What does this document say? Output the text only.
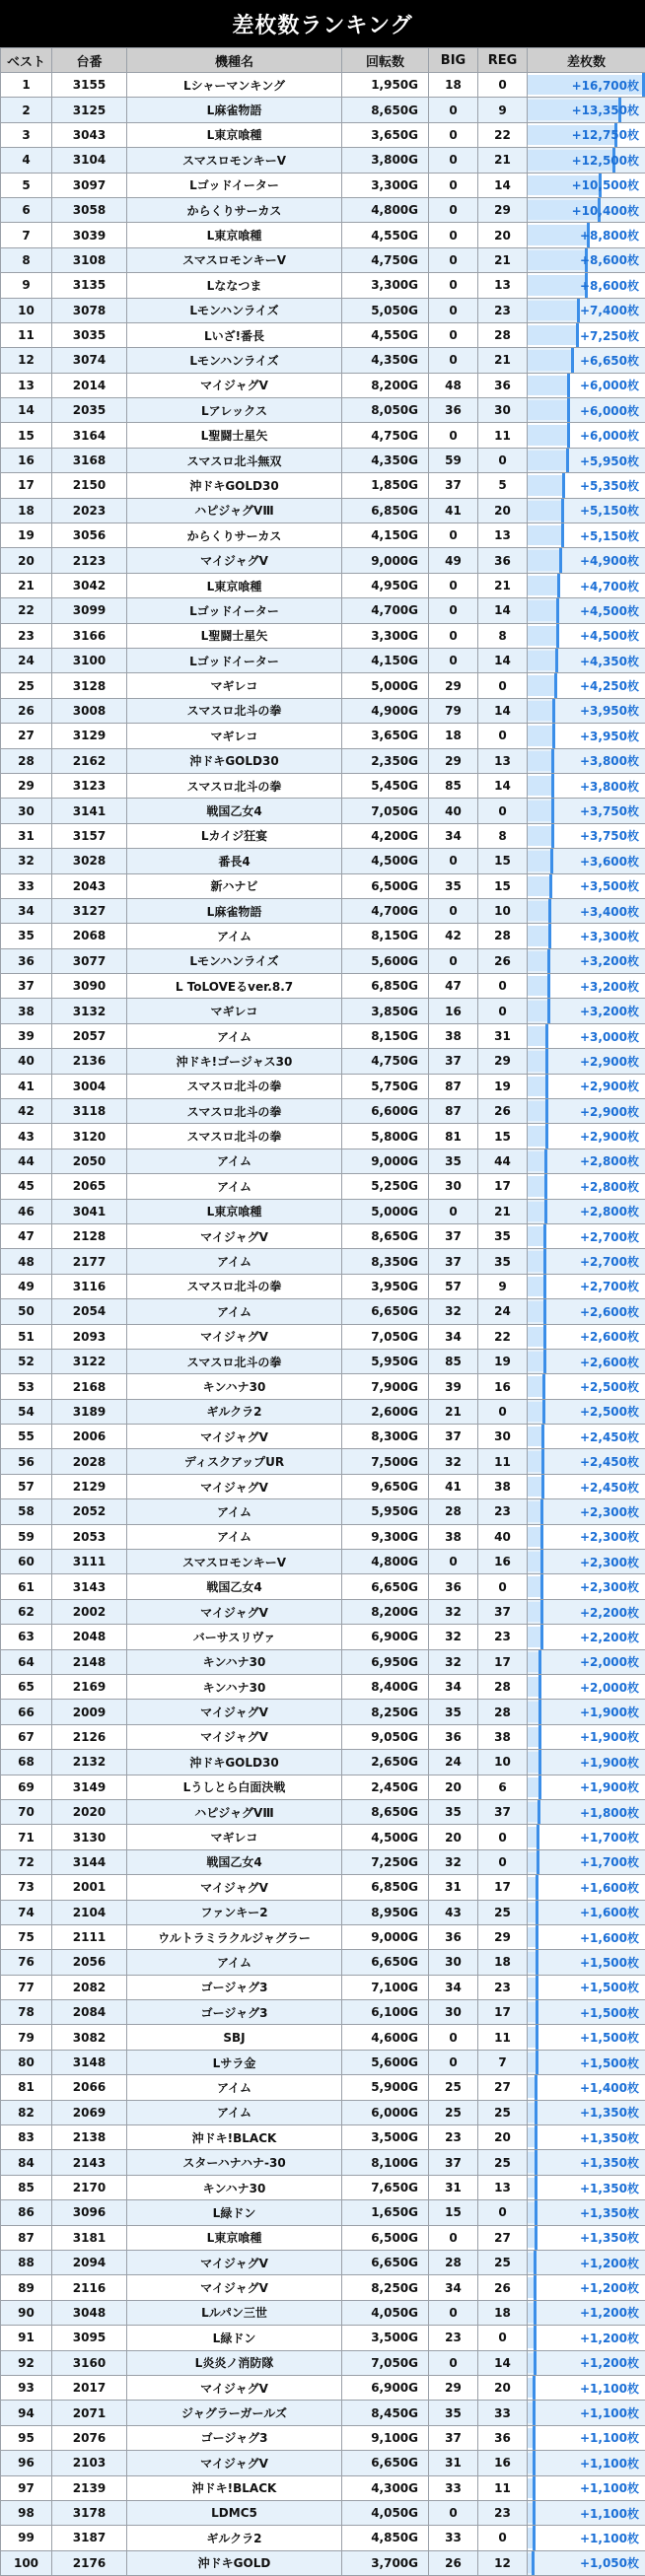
差枚数ランキング
ベスト	台番	機種名	回転数	BIG	REG	差枚数
1	3155	Lシャーマンキング	1,950G	18	0	+16,700枚
2	3125	L麻雀物語	8,650G	0	9	+13,350枚
3	3043	L東京喰種	3,650G	0	22	+12,750枚
4	3104	スマスロモンキーV	3,800G	0	21	+12,500枚
5	3097	Lゴッドイーター	3,300G	0	14	+10,500枚
6	3058	からくりサーカス	4,800G	0	29	+10,400枚
7	3039	L東京喰種	4,550G	0	20	+8,800枚
8	3108	スマスロモンキーV	4,750G	0	21	+8,600枚
9	3135	Lななつま	3,300G	0	13	+8,600枚
10	3078	Lモンハンライズ	5,050G	0	23	+7,400枚
11	3035	Lいざ!番長	4,550G	0	28	+7,250枚
12	3074	Lモンハンライズ	4,350G	0	21	+6,650枚
13	2014	マイジャグV	8,200G	48	36	+6,000枚
14	2035	Lアレックス	8,050G	36	30	+6,000枚
15	3164	L聖闘士星矢	4,750G	0	11	+6,000枚
16	3168	スマスロ北斗無双	4,350G	59	0	+5,950枚
17	2150	沖ドキGOLD30	1,850G	37	5	+5,350枚
18	2023	ハピジャグVⅢ	6,850G	41	20	+5,150枚
19	3056	からくりサーカス	4,150G	0	13	+5,150枚
20	2123	マイジャグV	9,000G	49	36	+4,900枚
21	3042	L東京喰種	4,950G	0	21	+4,700枚
22	3099	Lゴッドイーター	4,700G	0	14	+4,500枚
23	3166	L聖闘士星矢	3,300G	0	8	+4,500枚
24	3100	Lゴッドイーター	4,150G	0	14	+4,350枚
25	3128	マギレコ	5,000G	29	0	+4,250枚
26	3008	スマスロ北斗の拳	4,900G	79	14	+3,950枚
27	3129	マギレコ	3,650G	18	0	+3,950枚
28	2162	沖ドキGOLD30	2,350G	29	13	+3,800枚
29	3123	スマスロ北斗の拳	5,450G	85	14	+3,800枚
30	3141	戦国乙女4	7,050G	40	0	+3,750枚
31	3157	Lカイジ狂宴	4,200G	34	8	+3,750枚
32	3028	番長4	4,500G	0	15	+3,600枚
33	2043	新ハナビ	6,500G	35	15	+3,500枚
34	3127	L麻雀物語	4,700G	0	10	+3,400枚
35	2068	アイム	8,150G	42	28	+3,300枚
36	3077	Lモンハンライズ	5,600G	0	26	+3,200枚
37	3090	L ToLOVEるver.8.7	6,850G	47	0	+3,200枚
38	3132	マギレコ	3,850G	16	0	+3,200枚
39	2057	アイム	8,150G	38	31	+3,000枚
40	2136	沖ドキ!ゴージャス30	4,750G	37	29	+2,900枚
41	3004	スマスロ北斗の拳	5,750G	87	19	+2,900枚
42	3118	スマスロ北斗の拳	6,600G	87	26	+2,900枚
43	3120	スマスロ北斗の拳	5,800G	81	15	+2,900枚
44	2050	アイム	9,000G	35	44	+2,800枚
45	2065	アイム	5,250G	30	17	+2,800枚
46	3041	L東京喰種	5,000G	0	21	+2,800枚
47	2128	マイジャグV	8,650G	37	35	+2,700枚
48	2177	アイム	8,350G	37	35	+2,700枚
49	3116	スマスロ北斗の拳	3,950G	57	9	+2,700枚
50	2054	アイム	6,650G	32	24	+2,600枚
51	2093	マイジャグV	7,050G	34	22	+2,600枚
52	3122	スマスロ北斗の拳	5,950G	85	19	+2,600枚
53	2168	キンハナ30	7,900G	39	16	+2,500枚
54	3189	ギルクラ2	2,600G	21	0	+2,500枚
55	2006	マイジャグV	8,300G	37	30	+2,450枚
56	2028	ディスクアップUR	7,500G	32	11	+2,450枚
57	2129	マイジャグV	9,650G	41	38	+2,450枚
58	2052	アイム	5,950G	28	23	+2,300枚
59	2053	アイム	9,300G	38	40	+2,300枚
60	3111	スマスロモンキーV	4,800G	0	16	+2,300枚
61	3143	戦国乙女4	6,650G	36	0	+2,300枚
62	2002	マイジャグV	8,200G	32	37	+2,200枚
63	2048	バーサスリヴァ	6,900G	32	23	+2,200枚
64	2148	キンハナ30	6,950G	32	17	+2,000枚
65	2169	キンハナ30	8,400G	34	28	+2,000枚
66	2009	マイジャグV	8,250G	35	28	+1,900枚
67	2126	マイジャグV	9,050G	36	38	+1,900枚
68	2132	沖ドキGOLD30	2,650G	24	10	+1,900枚
69	3149	Lうしとら白面決戦	2,450G	20	6	+1,900枚
70	2020	ハピジャグVⅢ	8,650G	35	37	+1,800枚
71	3130	マギレコ	4,500G	20	0	+1,700枚
72	3144	戦国乙女4	7,250G	32	0	+1,700枚
73	2001	マイジャグV	6,850G	31	17	+1,600枚
74	2104	ファンキー2	8,950G	43	25	+1,600枚
75	2111	ウルトラミラクルジャグラー	9,000G	36	29	+1,600枚
76	2056	アイム	6,650G	30	18	+1,500枚
77	2082	ゴージャグ3	7,100G	34	23	+1,500枚
78	2084	ゴージャグ3	6,100G	30	17	+1,500枚
79	3082	SBJ	4,600G	0	11	+1,500枚
80	3148	Lサラ金	5,600G	0	7	+1,500枚
81	2066	アイム	5,900G	25	27	+1,400枚
82	2069	アイム	6,000G	25	25	+1,350枚
83	2138	沖ドキ!BLACK	3,500G	23	20	+1,350枚
84	2143	スターハナハナ-30	8,100G	37	25	+1,350枚
85	2170	キンハナ30	7,650G	31	13	+1,350枚
86	3096	L緑ドン	1,650G	15	0	+1,350枚
87	3181	L東京喰種	6,500G	0	27	+1,350枚
88	2094	マイジャグV	6,650G	28	25	+1,200枚
89	2116	マイジャグV	8,250G	34	26	+1,200枚
90	3048	Lルパン三世	4,050G	0	18	+1,200枚
91	3095	L緑ドン	3,500G	23	0	+1,200枚
92	3160	L炎炎ノ消防隊	7,050G	0	14	+1,200枚
93	2017	マイジャグV	6,900G	29	20	+1,100枚
94	2071	ジャグラーガールズ	8,450G	35	33	+1,100枚
95	2076	ゴージャグ3	9,100G	37	36	+1,100枚
96	2103	マイジャグV	6,650G	31	16	+1,100枚
97	2139	沖ドキ!BLACK	4,300G	33	11	+1,100枚
98	3178	LDMC5	4,050G	0	23	+1,100枚
99	3187	ギルクラ2	4,850G	33	0	+1,100枚
100	2176	沖ドキGOLD	3,700G	26	12	+1,050枚
